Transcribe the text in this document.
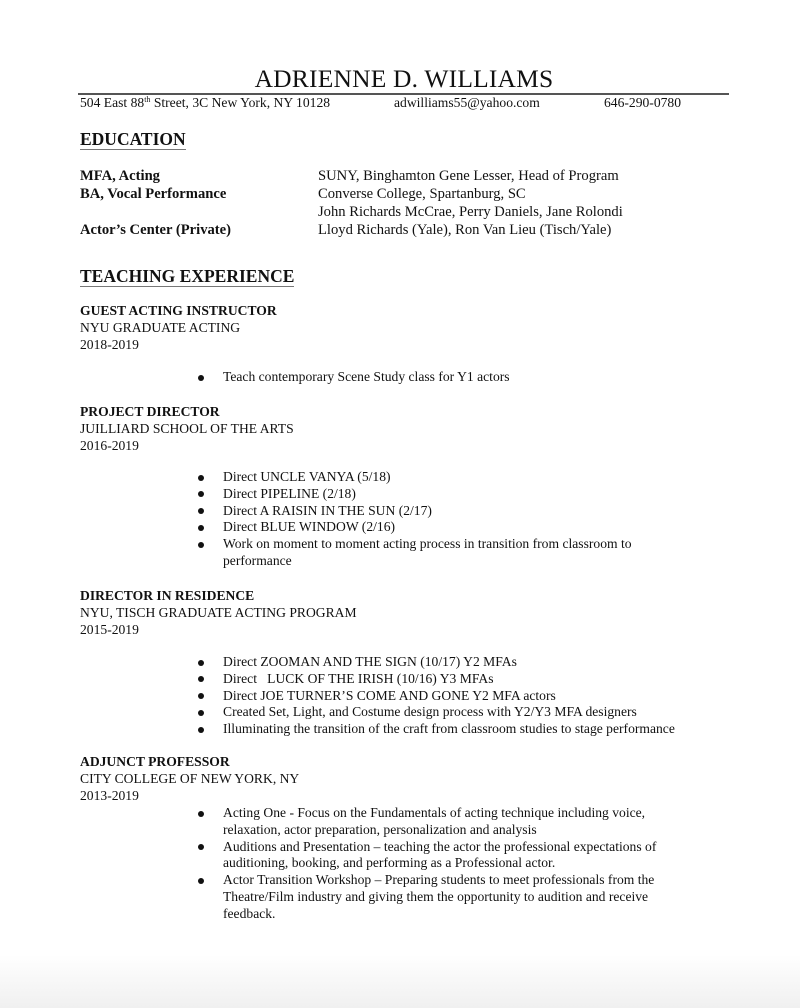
ADRIENNE D. WILLIAMS
504 East 88th Street, 3C New York, NY 10128	adwilliams55@yahoo.com	646-290-0780
EDUCATION
MFA, Acting	SUNY, Binghamton Gene Lesser, Head of Program
BA, Vocal Performance	Converse College, Spartanburg, SC
John Richards McCrae, Perry Daniels, Jane Rolondi
Actor’s Center (Private)	Lloyd Richards (Yale), Ron Van Lieu (Tisch/Yale)
TEACHING EXPERIENCE
GUEST ACTING INSTRUCTOR
NYU GRADUATE ACTING
2018-2019
Teach contemporary Scene Study class for Y1 actors
PROJECT DIRECTOR
JUILLIARD SCHOOL OF THE ARTS
2016-2019
Direct UNCLE VANYA (5/18)
Direct PIPELINE (2/18)
Direct A RAISIN IN THE SUN (2/17)
Direct BLUE WINDOW (2/16)
Work on moment to moment acting process in transition from classroom to performance
DIRECTOR IN RESIDENCE
NYU, TISCH GRADUATE ACTING PROGRAM
2015-2019
Direct ZOOMAN AND THE SIGN (10/17) Y2 MFAs
Direct   LUCK OF THE IRISH (10/16) Y3 MFAs
Direct JOE TURNER’S COME AND GONE Y2 MFA actors
Created Set, Light, and Costume design process with Y2/Y3 MFA designers
Illuminating the transition of the craft from classroom studies to stage performance
ADJUNCT PROFESSOR
CITY COLLEGE OF NEW YORK, NY
2013-2019
Acting One - Focus on the Fundamentals of acting technique including voice, relaxation, actor preparation, personalization and analysis
Auditions and Presentation – teaching the actor the professional expectations of auditioning, booking, and performing as a Professional actor.
Actor Transition Workshop – Preparing students to meet professionals from the Theatre/Film industry and giving them the opportunity to audition and receive feedback.
